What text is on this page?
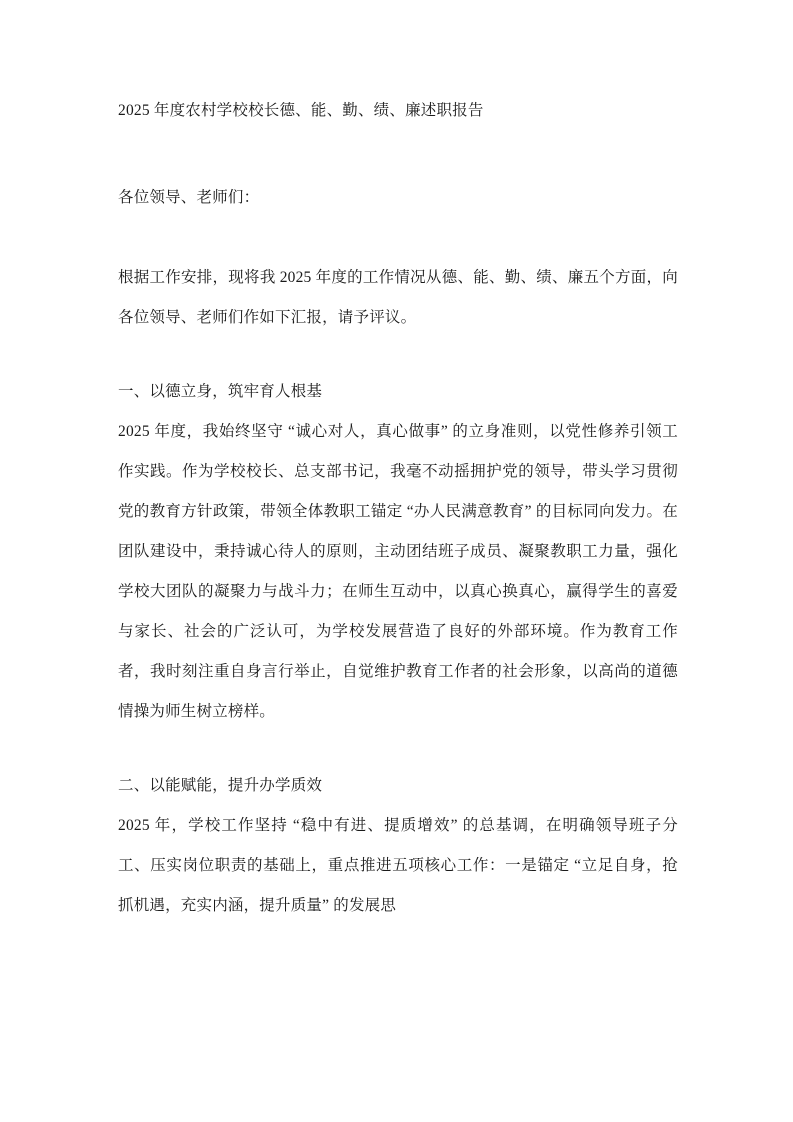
2025 年度农村学校校长德、能、勤、绩、廉述职报告

各位领导、老师们：

根据工作安排，现将我 2025 年度的工作情况从德、能、勤、绩、廉五个方面，向各位领导、老师们作如下汇报，请予评议。

一、以德立身，筑牢育人根基

2025 年度，我始终坚守 “诚心对人，真心做事” 的立身准则，以党性修养引领工作实践。作为学校校长、总支部书记，我毫不动摇拥护党的领导，带头学习贯彻党的教育方针政策，带领全体教职工锚定 “办人民满意教育” 的目标同向发力。在团队建设中，秉持诚心待人的原则，主动团结班子成员、凝聚教职工力量，强化学校大团队的凝聚力与战斗力；在师生互动中，以真心换真心，赢得学生的喜爱与家长、社会的广泛认可，为学校发展营造了良好的外部环境。作为教育工作者，我时刻注重自身言行举止，自觉维护教育工作者的社会形象，以高尚的道德情操为师生树立榜样。

二、以能赋能，提升办学质效

2025 年，学校工作坚持 “稳中有进、提质增效” 的总基调，在明确领导班子分工、压实岗位职责的基础上，重点推进五项核心工作：一是锚定 “立足自身，抢抓机遇，充实内涵，提升质量” 的发展思
